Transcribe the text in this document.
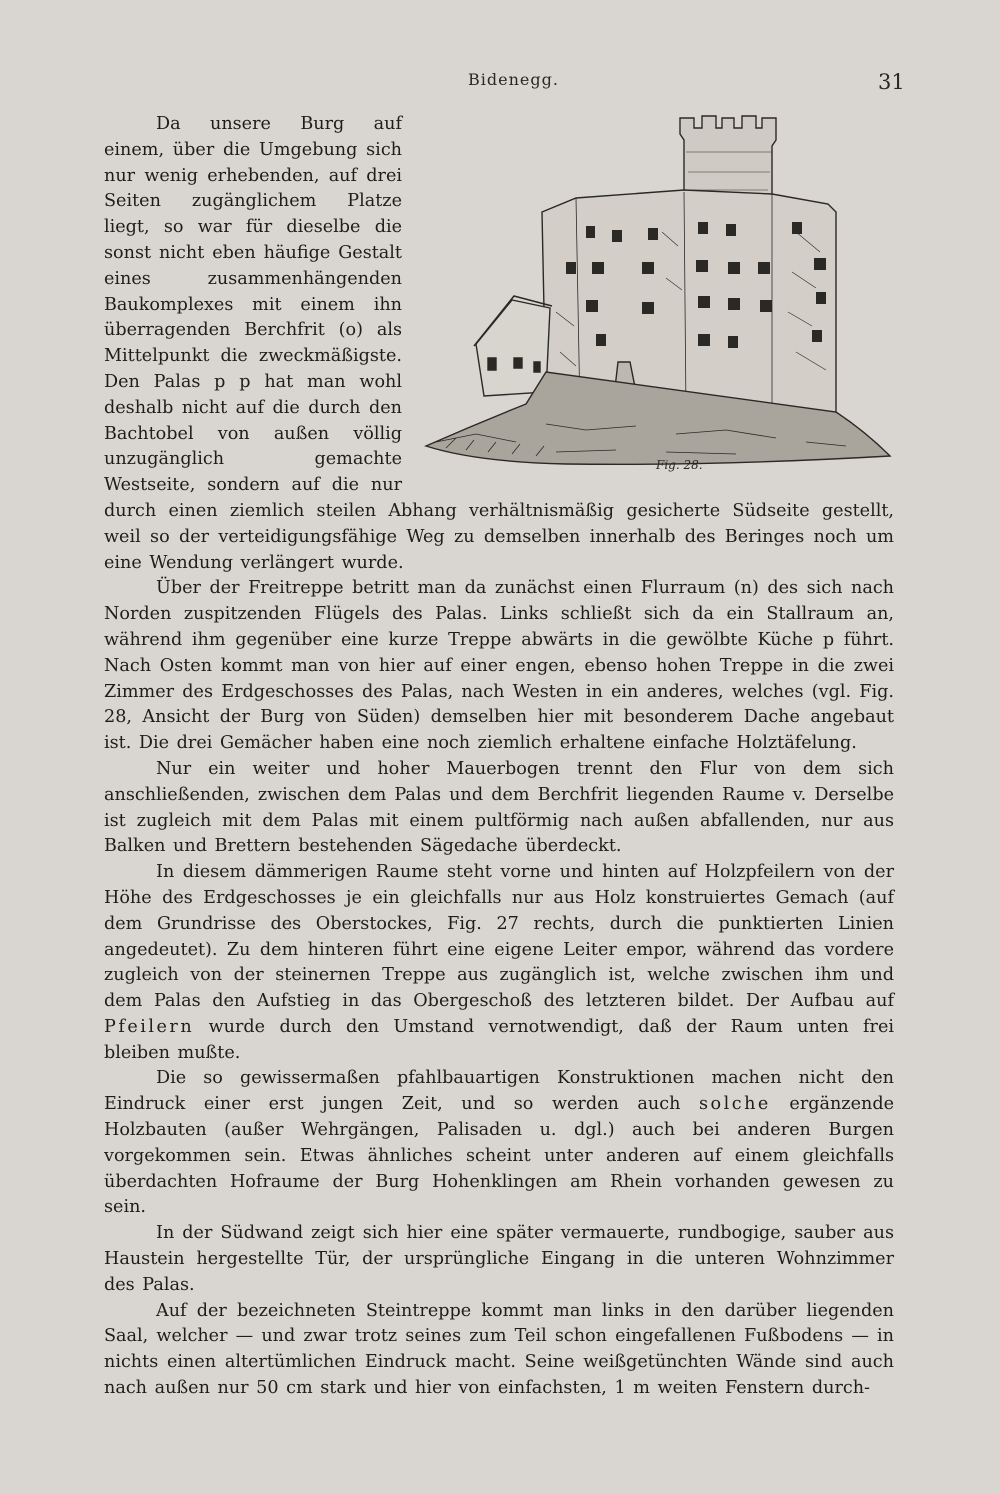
Bidenegg.	31
Fig. 28.

Da unsere Burg auf einem, über die Umgebung sich nur wenig erhebenden, auf drei Seiten zugänglichem Platze liegt, so war für dieselbe die sonst nicht eben häufige Gestalt eines zusammenhängenden Baukomplexes mit einem ihn überragenden Berchfrit (o) als Mittelpunkt die zweckmäßigste. Den Palas p p hat man wohl deshalb nicht auf die durch den Bachtobel von außen völlig unzugänglich gemachte Westseite, sondern auf die nur durch einen ziemlich steilen Abhang verhältnismäßig gesicherte Südseite gestellt, weil so der verteidigungsfähige Weg zu demselben innerhalb des Beringes noch um eine Wendung verlängert wurde.

Über der Freitreppe betritt man da zunächst einen Flurraum (n) des sich nach Norden zuspitzenden Flügels des Palas. Links schließt sich da ein Stallraum an, während ihm gegenüber eine kurze Treppe abwärts in die gewölbte Küche p führt. Nach Osten kommt man von hier auf einer engen, ebenso hohen Treppe in die zwei Zimmer des Erdgeschosses des Palas, nach Westen in ein anderes, welches (vgl. Fig. 28, Ansicht der Burg von Süden) demselben hier mit besonderem Dache angebaut ist. Die drei Gemächer haben eine noch ziemlich erhaltene einfache Holztäfelung.

Nur ein weiter und hoher Mauerbogen trennt den Flur von dem sich anschließenden, zwischen dem Palas und dem Berchfrit liegenden Raume v. Derselbe ist zugleich mit dem Palas mit einem pultförmig nach außen abfallenden, nur aus Balken und Brettern bestehenden Sägedache überdeckt.

In diesem dämmerigen Raume steht vorne und hinten auf Holzpfeilern von der Höhe des Erdgeschosses je ein gleichfalls nur aus Holz konstruiertes Gemach (auf dem Grundrisse des Oberstockes, Fig. 27 rechts, durch die punktierten Linien angedeutet). Zu dem hinteren führt eine eigene Leiter empor, während das vordere zugleich von der steinernen Treppe aus zugänglich ist, welche zwischen ihm und dem Palas den Aufstieg in das Obergeschoß des letzteren bildet. Der Aufbau auf Pfeilern wurde durch den Umstand vernotwendigt, daß der Raum unten frei bleiben mußte.

Die so gewissermaßen pfahlbauartigen Konstruktionen machen nicht den Eindruck einer erst jungen Zeit, und so werden auch solche ergänzende Holzbauten (außer Wehrgängen, Palisaden u. dgl.) auch bei anderen Burgen vorgekommen sein. Etwas ähnliches scheint unter anderen auf einem gleichfalls überdachten Hofraume der Burg Hohenklingen am Rhein vorhanden gewesen zu sein.

In der Südwand zeigt sich hier eine später vermauerte, rundbogige, sauber aus Haustein hergestellte Tür, der ursprüngliche Eingang in die unteren Wohnzimmer des Palas.

Auf der bezeichneten Steintreppe kommt man links in den darüber liegenden Saal, welcher — und zwar trotz seines zum Teil schon eingefallenen Fußbodens — in nichts einen altertümlichen Eindruck macht. Seine weißgetünchten Wände sind auch nach außen nur 50 cm stark und hier von einfachsten, 1 m weiten Fenstern durch-
